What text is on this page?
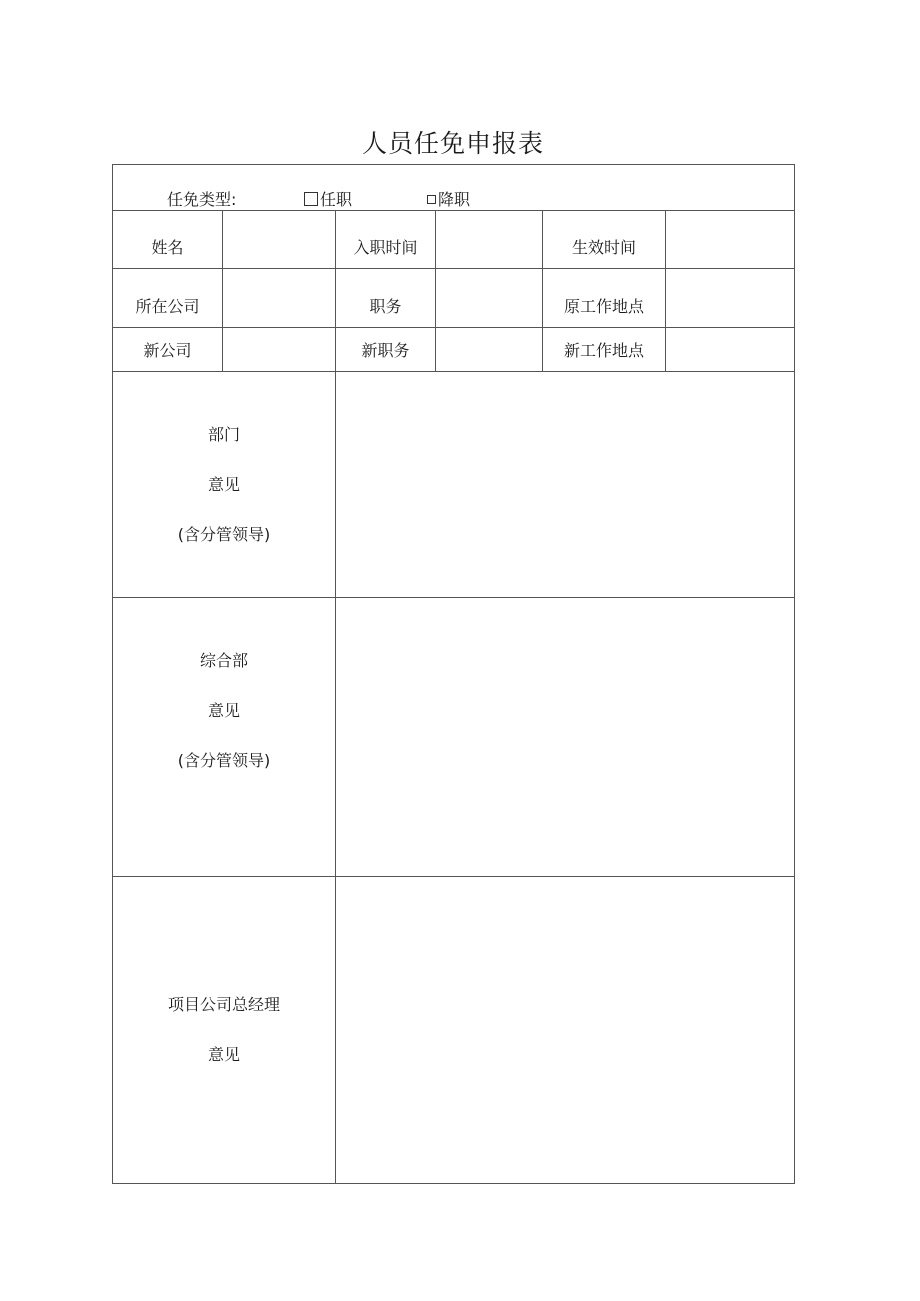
人员任免申报表
任免类型: 任职 降职					

姓名		入职时间		生效时间	
所在公司		职务		原工作地点	
新公司		新职务		新工作地点	

部门
意见
(含分管领导)					

综合部
意见
(含分管领导)					

项目公司总经理
意见					
